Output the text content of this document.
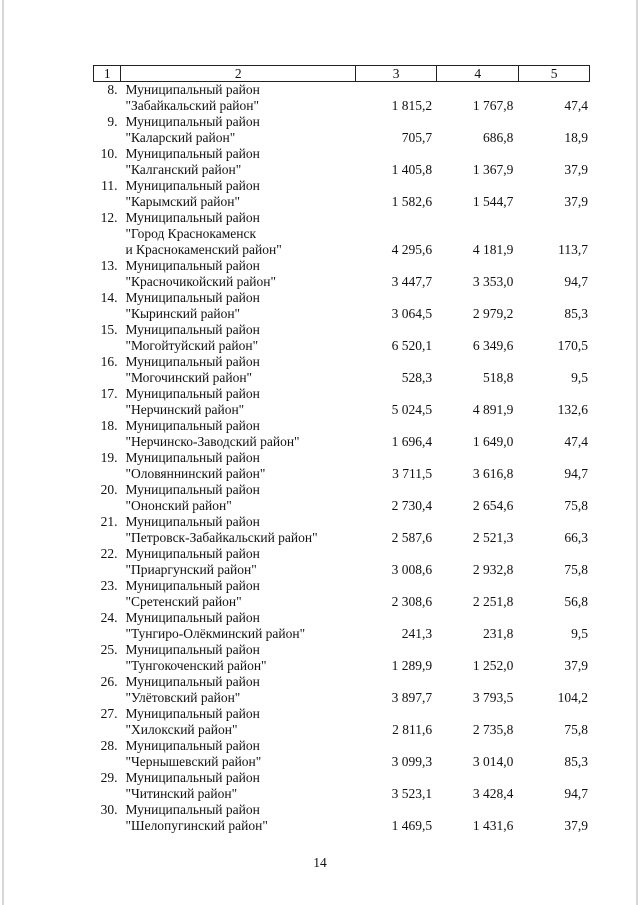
1	2	3	4	5
8. Муниципальный район
"Забайкальский район"	1 815,2	1 767,8	47,4
9. Муниципальный район
"Каларский район"	705,7	686,8	18,9
10. Муниципальный район
"Калганский район"	1 405,8	1 367,9	37,9
11. Муниципальный район
"Карымский район"	1 582,6	1 544,7	37,9
12. Муниципальный район
"Город Краснокаменск
и Краснокаменский район"	4 295,6	4 181,9	113,7
13. Муниципальный район
"Красночикойский район"	3 447,7	3 353,0	94,7
14. Муниципальный район
"Кыринский район"	3 064,5	2 979,2	85,3
15. Муниципальный район
"Могойтуйский район"	6 520,1	6 349,6	170,5
16. Муниципальный район
"Могочинский район"	528,3	518,8	9,5
17. Муниципальный район
"Нерчинский район"	5 024,5	4 891,9	132,6
18. Муниципальный район
"Нерчинско-Заводский район"	1 696,4	1 649,0	47,4
19. Муниципальный район
"Оловяннинский район"	3 711,5	3 616,8	94,7
20. Муниципальный район
"Ононский район"	2 730,4	2 654,6	75,8
21. Муниципальный район
"Петровск-Забайкальский район"	2 587,6	2 521,3	66,3
22. Муниципальный район
"Приаргунский район"	3 008,6	2 932,8	75,8
23. Муниципальный район
"Сретенский район"	2 308,6	2 251,8	56,8
24. Муниципальный район
"Тунгиро-Олёкминский район"	241,3	231,8	9,5
25. Муниципальный район
"Тунгокоченский район"	1 289,9	1 252,0	37,9
26. Муниципальный район
"Улётовский район"	3 897,7	3 793,5	104,2
27. Муниципальный район
"Хилокский район"	2 811,6	2 735,8	75,8
28. Муниципальный район
"Чернышевский район"	3 099,3	3 014,0	85,3
29. Муниципальный район
"Читинский район"	3 523,1	3 428,4	94,7
30. Муниципальный район
"Шелопугинский район"	1 469,5	1 431,6	37,9
14
